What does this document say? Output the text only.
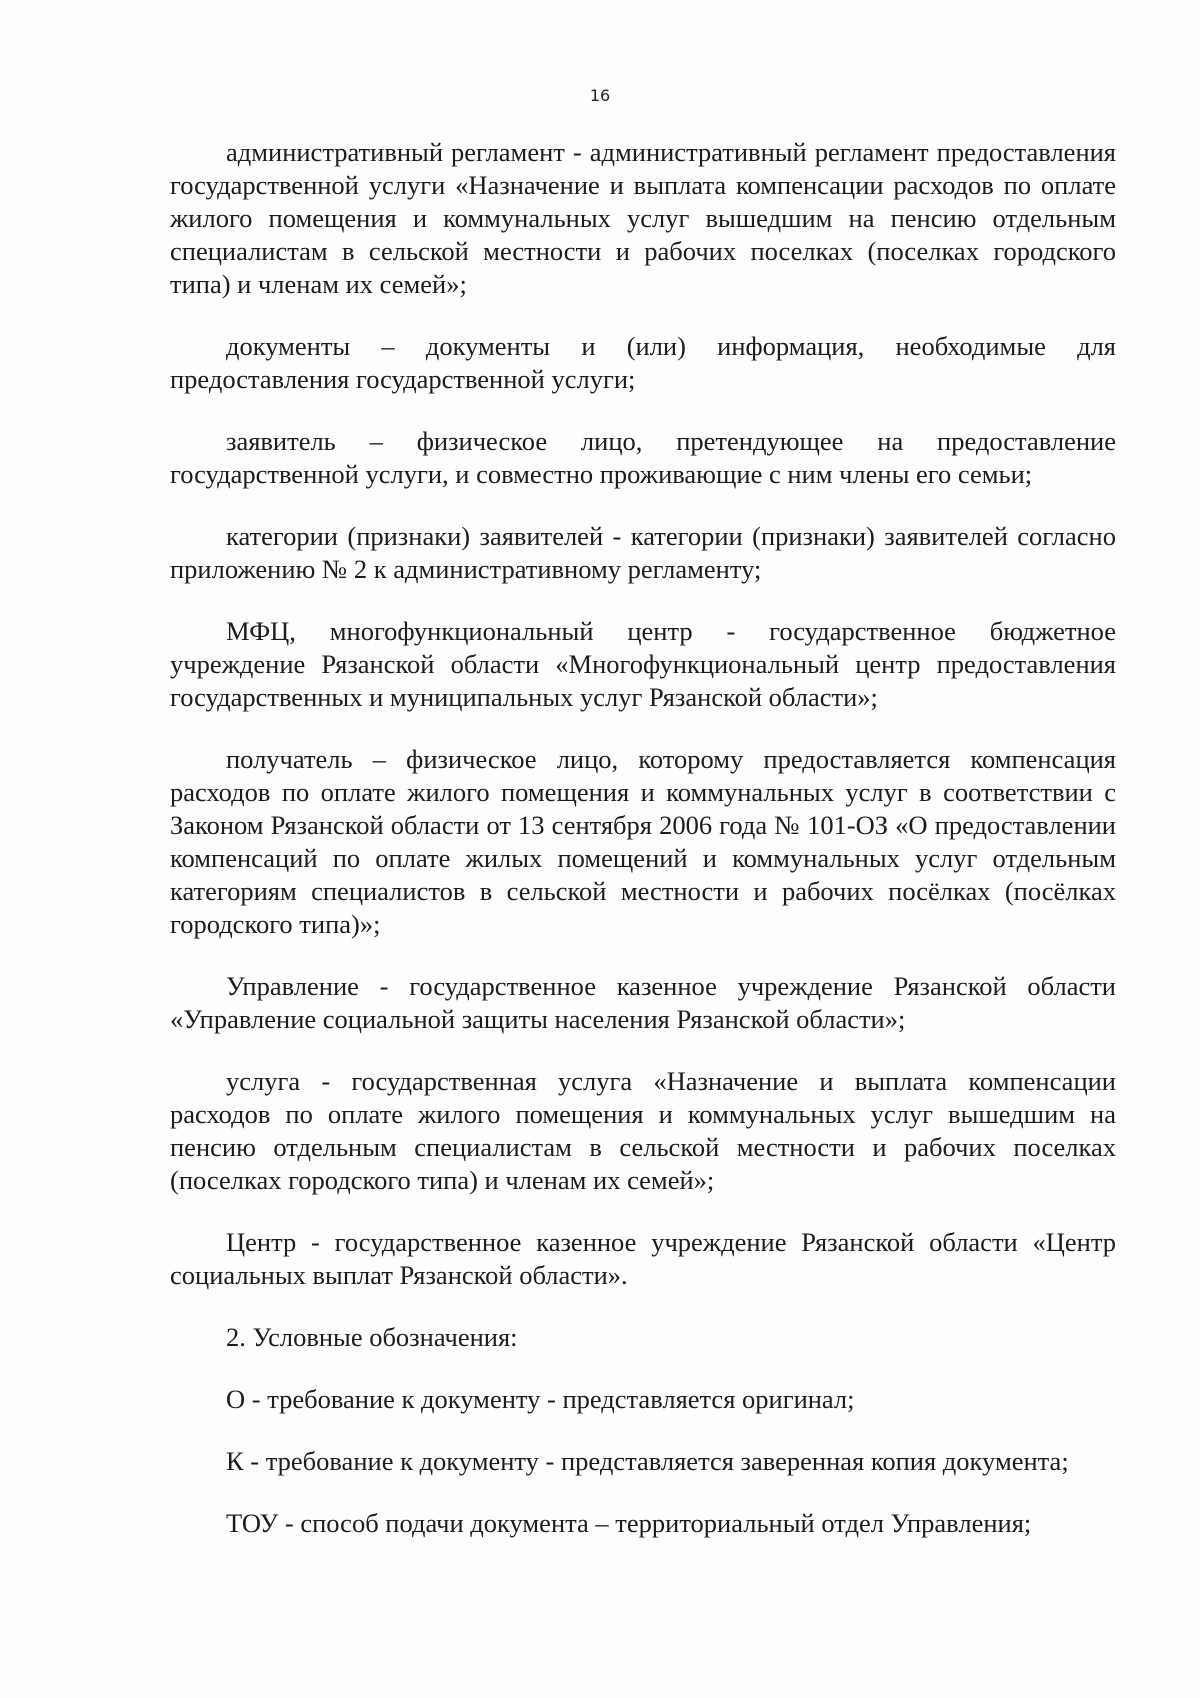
16

административный регламент - административный регламент предоставления государственной услуги «Назначение и выплата компенсации расходов по оплате жилого помещения и коммунальных услуг вышедшим на пенсию отдельным специалистам в сельской местности и рабочих поселках (поселках городского типа) и членам их семей»;

документы – документы и (или) информация, необходимые для предоставления государственной услуги;

заявитель – физическое лицо, претендующее на предоставление государственной услуги, и совместно проживающие с ним члены его семьи;

категории (признаки) заявителей - категории (признаки) заявителей согласно приложению № 2 к административному регламенту;

МФЦ, многофункциональный центр - государственное бюджетное учреждение Рязанской области «Многофункциональный центр предоставления государственных и муниципальных услуг Рязанской области»;

получатель – физическое лицо, которому предоставляется компенсация расходов по оплате жилого помещения и коммунальных услуг в соответствии с Законом Рязанской области от 13 сентября 2006 года № 101-ОЗ «О предоставлении компенсаций по оплате жилых помещений и коммунальных услуг отдельным категориям специалистов в сельской местности и рабочих посёлках (посёлках городского типа)»;

Управление - государственное казенное учреждение Рязанской области «Управление социальной защиты населения Рязанской области»;

услуга - государственная услуга «Назначение и выплата компенсации расходов по оплате жилого помещения и коммунальных услуг вышедшим на пенсию отдельным специалистам в сельской местности и рабочих поселках (поселках городского типа) и членам их семей»;

Центр - государственное казенное учреждение Рязанской области «Центр социальных выплат Рязанской области».

2. Условные обозначения:

О - требование к документу - представляется оригинал;

К - требование к документу - представляется заверенная копия документа;

ТОУ - способ подачи документа – территориальный отдел Управления;
